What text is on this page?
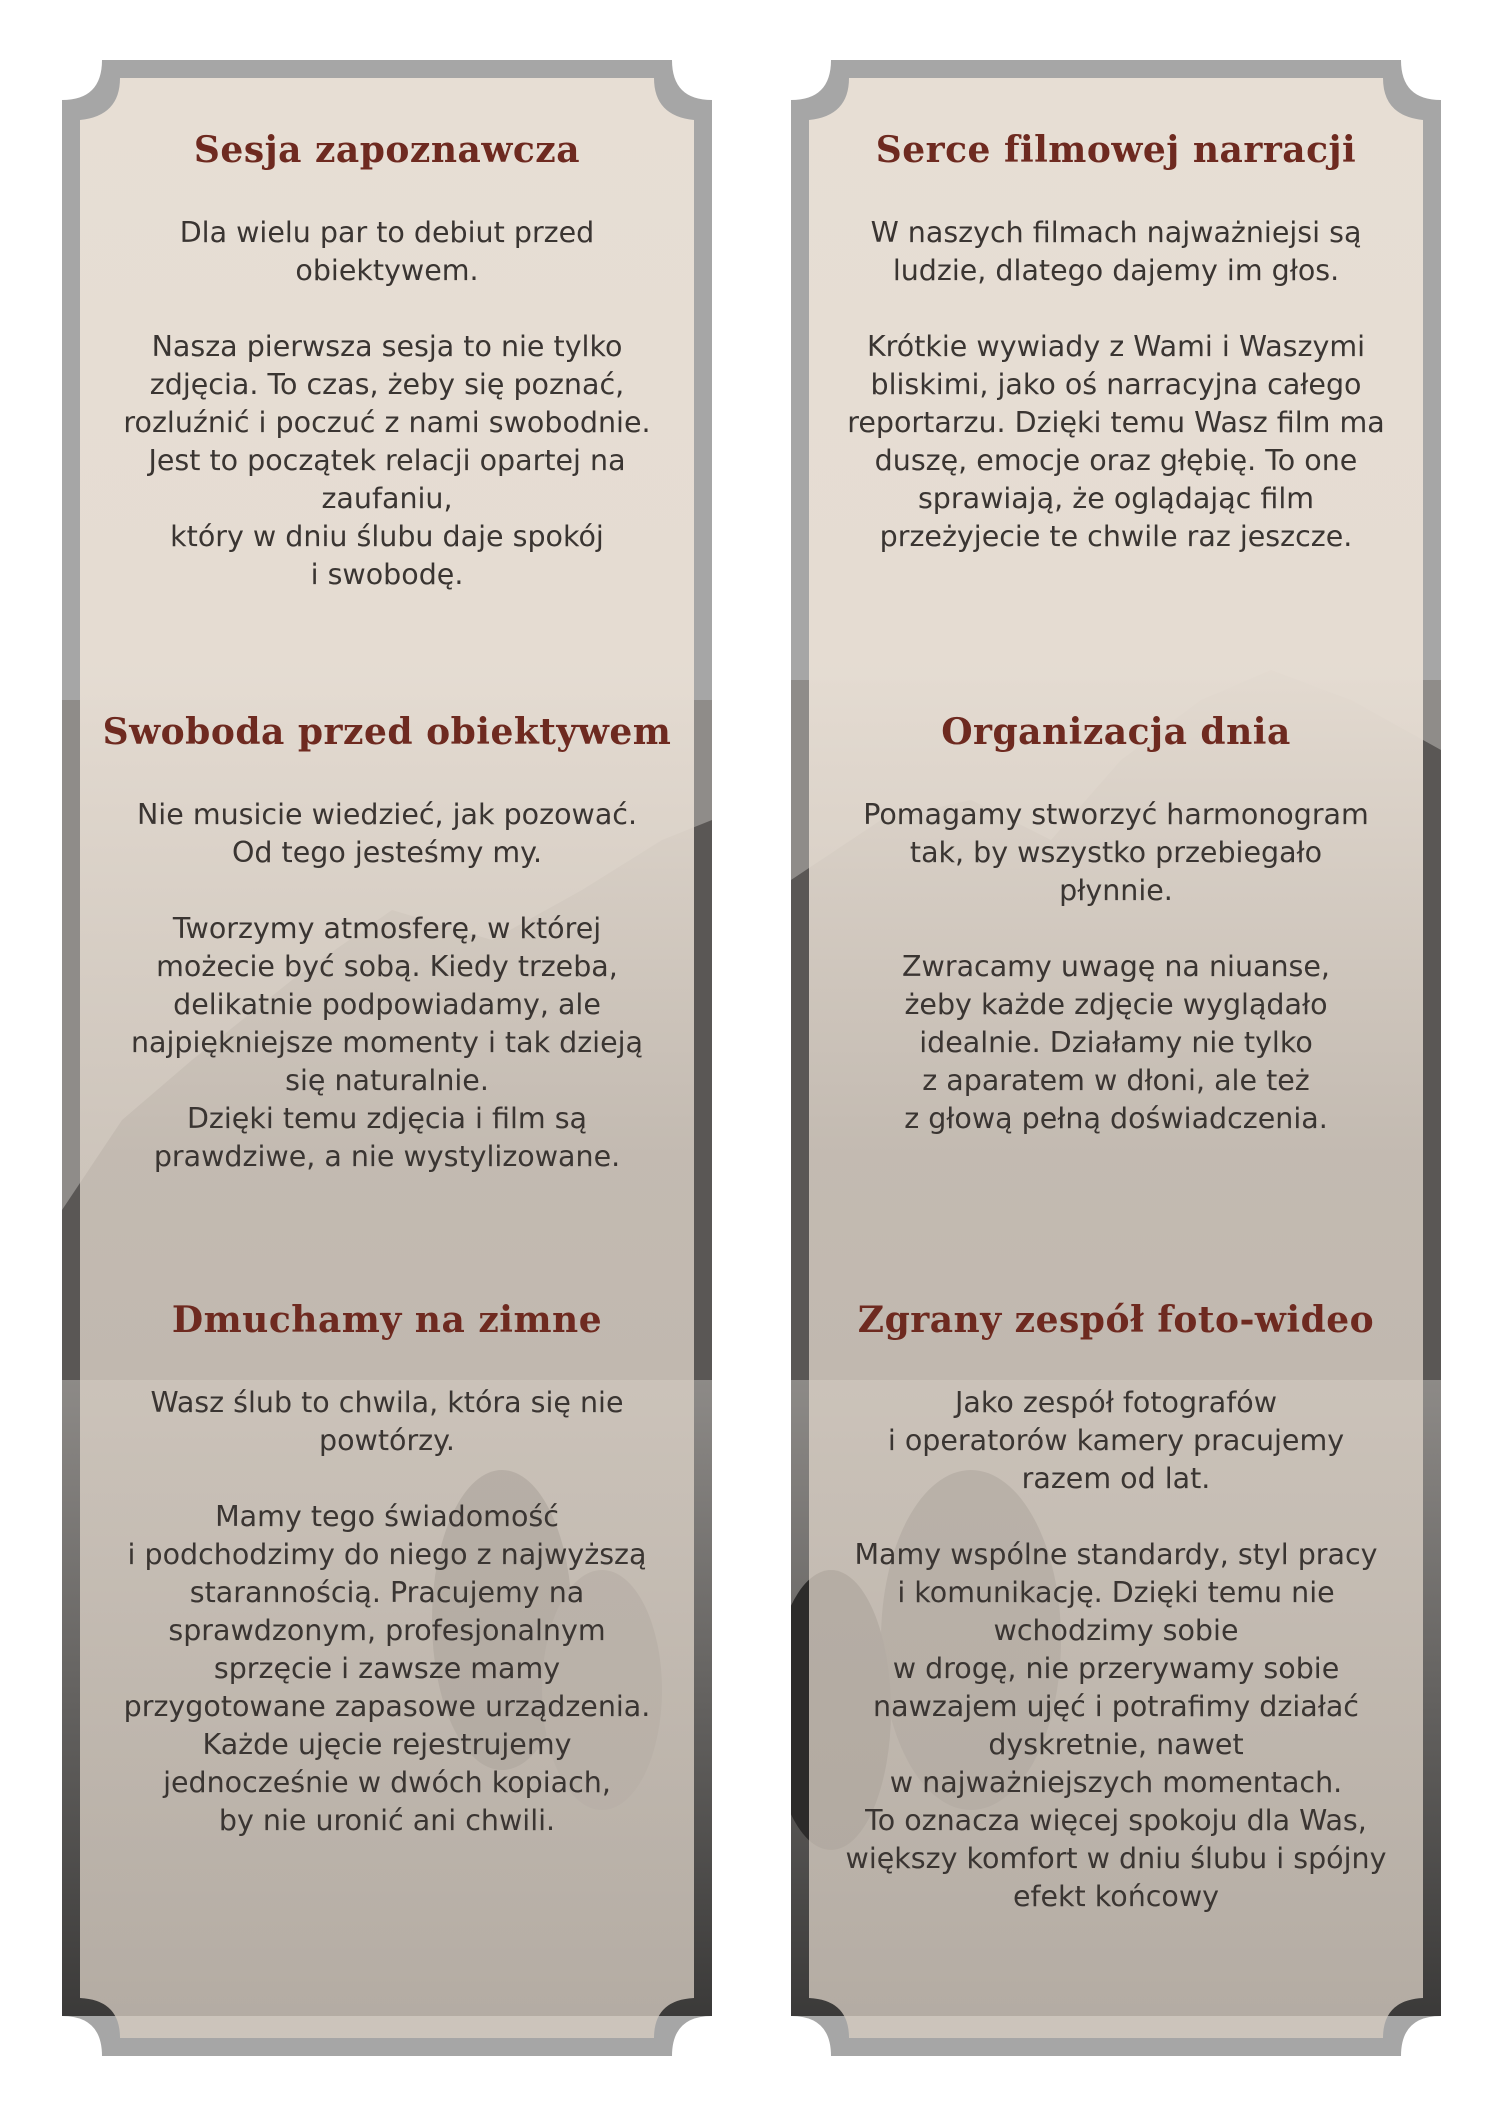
Sesja zapoznawcza

Dla wielu par to debiut przed
obiektywem.

Nasza pierwsza sesja to nie tylko
zdjęcia. To czas, żeby się poznać,
rozluźnić i poczuć z nami swobodnie.
Jest to początek relacji opartej na
zaufaniu,
który w dniu ślubu daje spokój
i swobodę.

Swoboda przed obiektywem

Nie musicie wiedzieć, jak pozować.
Od tego jesteśmy my.

Tworzymy atmosferę, w której
możecie być sobą. Kiedy trzeba,
delikatnie podpowiadamy, ale
najpiękniejsze momenty i tak dzieją
się naturalnie.
Dzięki temu zdjęcia i film są
prawdziwe, a nie wystylizowane.

Dmuchamy na zimne

Wasz ślub to chwila, która się nie
powtórzy.

Mamy tego świadomość
i podchodzimy do niego z najwyższą
starannością. Pracujemy na
sprawdzonym, profesjonalnym
sprzęcie i zawsze mamy
przygotowane zapasowe urządzenia.
Każde ujęcie rejestrujemy
jednocześnie w dwóch kopiach,
by nie uronić ani chwili.

Serce filmowej narracji

W naszych filmach najważniejsi są
ludzie, dlatego dajemy im głos.

Krótkie wywiady z Wami i Waszymi
bliskimi, jako oś narracyjna całego
reportarzu. Dzięki temu Wasz film ma
duszę, emocje oraz głębię. To one
sprawiają, że oglądając film
przeżyjecie te chwile raz jeszcze.

Organizacja dnia

Pomagamy stworzyć harmonogram
tak, by wszystko przebiegało
płynnie.

Zwracamy uwagę na niuanse,
żeby każde zdjęcie wyglądało
idealnie. Działamy nie tylko
z aparatem w dłoni, ale też
z głową pełną doświadczenia.

Zgrany zespół foto-wideo

Jako zespół fotografów
i operatorów kamery pracujemy
razem od lat.

Mamy wspólne standardy, styl pracy
i komunikację. Dzięki temu nie
wchodzimy sobie
w drogę, nie przerywamy sobie
nawzajem ujęć i potrafimy działać
dyskretnie, nawet
w najważniejszych momentach.
To oznacza więcej spokoju dla Was,
większy komfort w dniu ślubu i spójny
efekt końcowy
